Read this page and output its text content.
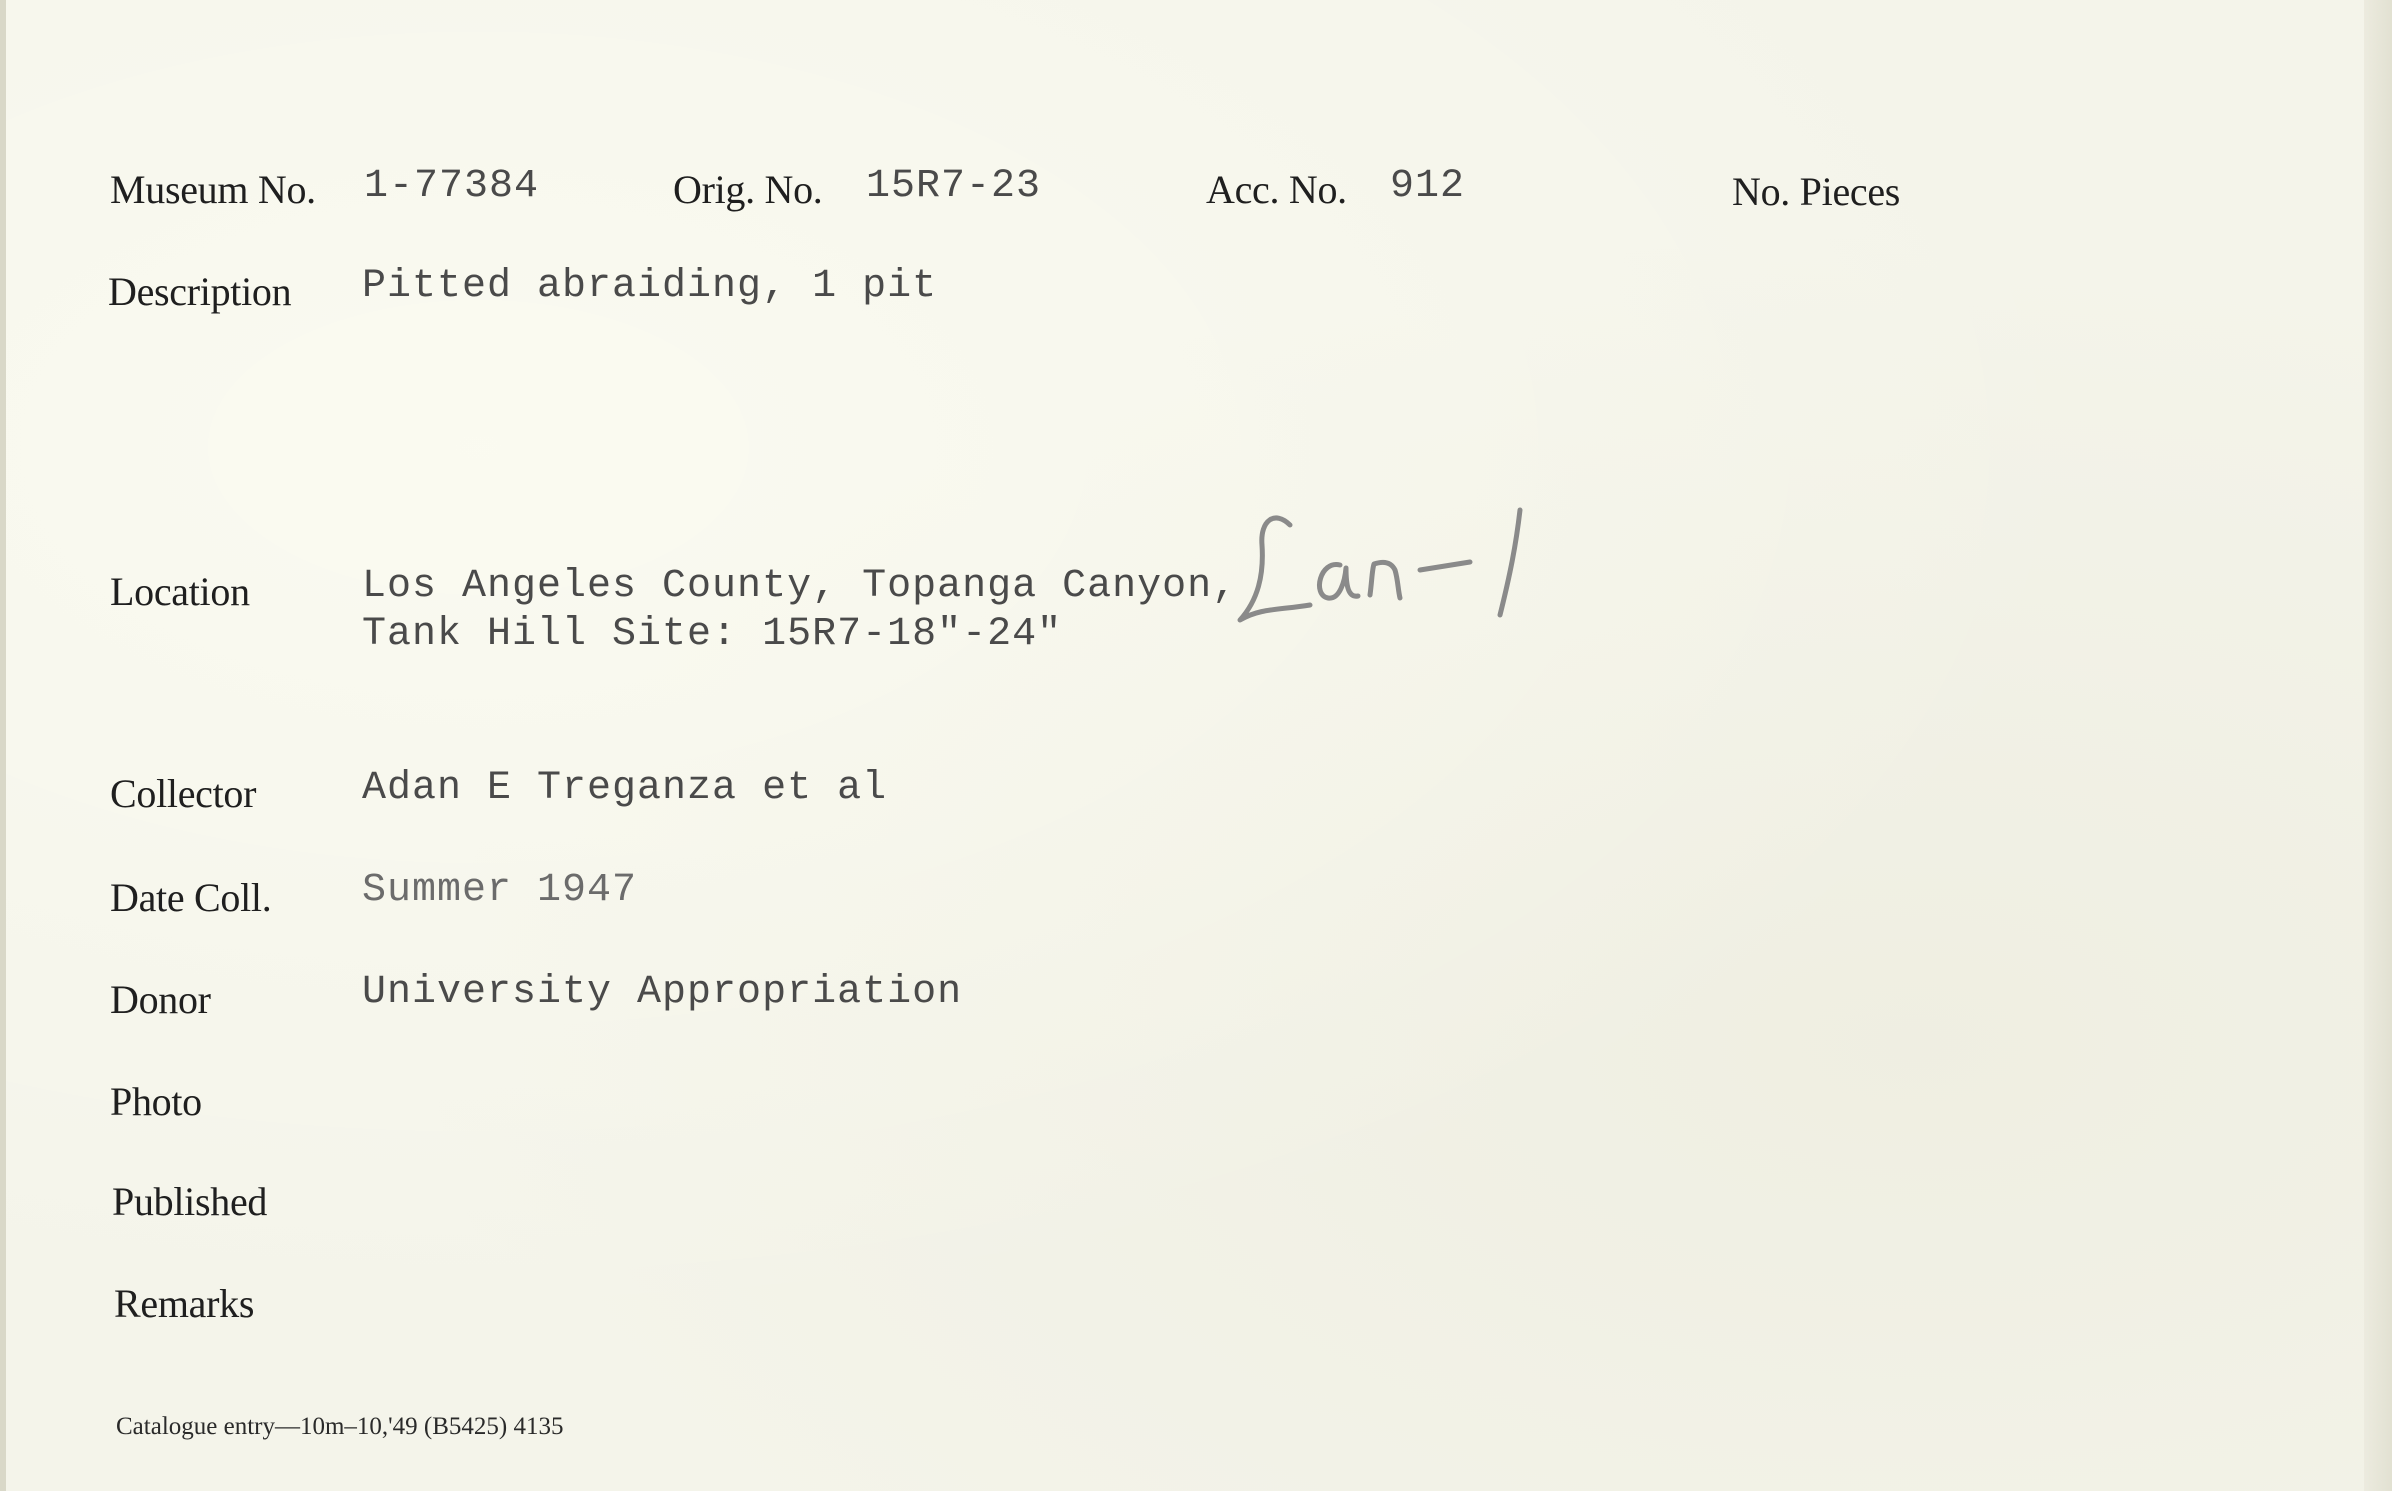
Museum No. 1-77384	Orig. No. 15R7-23	Acc. No. 912	No. Pieces
Description Pitted abraiding, 1 pit
Location	Los Angeles County, Topanga Canyon,
Tank Hill Site: 15R7-18"-24"
Collector	Adan E Treganza et al
Date Coll. Summer 1947
Donor	University Appropriation
Photo
Published
Remarks
Catalogue entry—10m–10,'49 (B5425) 4135
